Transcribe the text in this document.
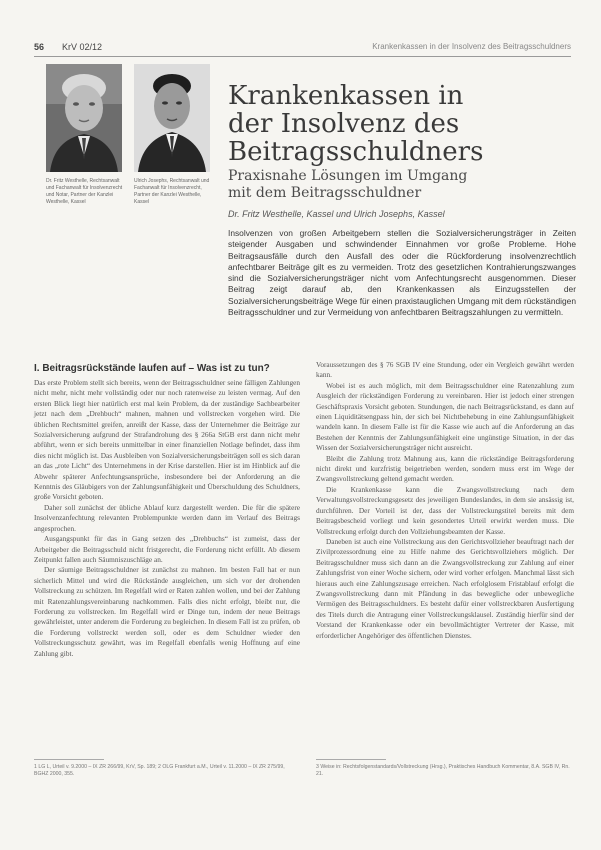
56 KrV 02/12	Krankenkassen in der Insolvenz des Beitragsschuldners
Dr. Fritz Westhelle, Rechtsanwalt und Fachanwalt für Insolvenzrecht und Notar, Partner der Kanzlei Westhelle, Kassel
Ulrich Josephs, Rechtsanwalt und Fachanwalt für Insolvenzrecht, Partner der Kanzlei Westhelle, Kassel
Krankenkassen in
der Insolvenz des
Beitragsschuldners
Praxisnahe Lösungen im Umgang
mit dem Beitragsschuldner
Dr. Fritz Westhelle, Kassel und Ulrich Josephs, Kassel
Insolvenzen von großen Arbeitgebern stellen die Sozialversicherungsträger in Zeiten steigender Ausgaben und schwindender Einnahmen vor große Probleme. Hohe Beitragsausfälle durch den Ausfall des oder die Rückforderung insolvenzrechtlich anfechtbarer Beiträge gilt es zu vermeiden. Trotz des gesetzlichen Kontrahierungszwanges sind die Sozialversicherungsträger nicht vom Anfechtungsrecht ausgenommen. Dieser Beitrag zeigt darauf ab, den Krankenkassen als Einzugsstellen der Sozialversicherungsbeiträge Wege für einen praxistauglichen Umgang mit dem rückständigen Beitragsschuldner und zur Vermeidung von anfechtbaren Beitragszahlungen zu vermitteln.
I. Beitragsrückstände laufen auf – Was ist zu tun?

Das erste Problem stellt sich bereits, wenn der Beitragsschuldner seine fälligen Zahlungen nicht mehr, nicht mehr vollständig oder nur noch ratenweise zu leisten vermag. Auf den ersten Blick liegt hier natürlich erst mal kein Problem, da der zuständige Sachbearbeiter jetzt nach dem „Drehbuch“ mahnen, mahnen und vollstrecken vorgehen wird. Die üblichen Rechtsmittel greifen, anreißt der Kasse, dass der Unternehmer die Beiträge zur Sozialversicherung aufgrund der Strafandrohung des § 266a StGB erst dann nicht mehr abführt, wenn er sich bereits unmittelbar in einer finanziellen Notlage befindet, dass ihm dies nicht möglich ist. Das Ausbleiben von Sozialversicherungsbeiträgen soll es sich daran an das „rote Licht“ des Unternehmens in der Krise darstellen. Hier ist im Hinblick auf die Abwehr späterer Anfechtungsansprüche, insbesondere bei der Anforderung an die Kenntnis des Gläubigers von der Zahlungsunfähigkeit und Überschuldung des Schuldners, große Vorsicht geboten.

Daher soll zunächst der übliche Ablauf kurz dargestellt werden. Die für die spätere Insolvenzanfechtung relevanten Problempunkte werden dann im Verlauf des Beitrags angesprochen.

Ausgangspunkt für das in Gang setzen des „Drehbuchs“ ist zumeist, dass der Arbeitgeber die Beitragsschuld nicht fristgerecht, die Forderung nicht erfüllt. Ab diesem Zeitpunkt fallen auch Säumniszuschläge an.

Der säumige Beitragsschuldner ist zunächst zu mahnen. Im besten Fall hat er nun sicherlich Mittel und wird die Rückstände ausgleichen, um sich vor der drohenden Vollstreckung zu schützen. Im Regelfall wird er Raten zahlen wollen, und bei der Zahlung mit Ratenzahlungsvereinbarung nachkommen. Falls dies nicht erfolgt, bleibt nur, die Forderung zu vollstrecken. Im Regelfall wird er Dinge tun, indem der neue Beitrags gewährleistet, unter anderem die Forderung zu begleichen. In diesem Fall ist zu prüfen, ob die Forderung vollstreckt werden soll, oder es dem Schuldner wieder den Vollstreckungsschutz gewährt, was im Regelfall ebenfalls wenig Hoffnung auf eine Zahlung gibt.

Voraussetzungen des § 76 SGB IV eine Stundung, oder ein Vergleich gewährt werden kann.

Wobei ist es auch möglich, mit dem Beitragsschuldner eine Ratenzahlung zum Ausgleich der rückständigen Forderung zu vereinbaren. Hier ist jedoch einer strengen Geschäftspraxis Vorsicht geboten. Stundungen, die nach Beitragsrückstand, es dann auf einen Liquiditätsengpass hin, der sich bei Nichtbehebung in eine Zahlungsunfähigkeit wandeln kann. In diesem Falle ist für die Kasse wie auch auf die Anforderung an das Bestehen der Kenntnis der Zahlungsunfähigkeit eine ungünstige Situation, in der das Wissen der Sozialversicherungsträger nicht ausreicht.

Bleibt die Zahlung trotz Mahnung aus, kann die rückständige Beitragsforderung nicht direkt und kurzfristig beigetrieben werden, sondern muss erst im Wege der Zwangsvollstreckung geltend gemacht werden.

Die Krankenkasse kann die Zwangsvollstreckung nach dem Verwaltungsvollstreckungsgesetz des jeweiligen Bundeslandes, in dem sie ansässig ist, durchführen. Der Vorteil ist der, dass der Vollstreckungstitel bereits mit dem Beitragsbescheid vorliegt und kein gesondertes Urteil erwirkt werden muss. Die Vollstreckung erfolgt durch den Vollziehungsbeamten der Kasse.

Daneben ist auch eine Vollstreckung aus den Gerichtsvollzieher beauftragt nach der Zivilprozessordnung eine zu Hilfe nahme des Gerichtsvollziehers möglich. Der Beitragsschuldner muss sich dann an die Zwangsvollstreckung zur Zahlung auf einer Zahlungsfrist von einer Woche sichern, oder wird vorher erfolgen. Manchmal lässt sich hieraus auch eine Zahlungszusage erreichen. Nach erfolglosem Fristablauf erfolgt die Zwangsvollstreckung dann mit Pfändung in das bewegliche oder unbewegliche Vermögen des Beitragsschuldners. Es besteht dafür einer vollstreckbaren Ausfertigung des Titels durch die Antragung einer Vollstreckungsklausel. Zuständig hierfür sind der Vorstand der Krankenkasse oder ein bevollmächtigter Vertreter der Kasse, mit erforderlicher Angehöriger des öffentlichen Dienstes.

1 LG L, Urteil v. 9.2000 – IX ZR 266/99, KrV, Sp. 189; 2 OLG Frankfurt a.M., Urteil v. 11.2000 – IX ZR 275/99, BGHZ 2000, 355.
3 Weise in: Rechtsfolgenstandards/Vollstreckung (Hrsg.), Praktisches Handbuch Kommentar, 8.A. SGB IV, Rn. 21.
